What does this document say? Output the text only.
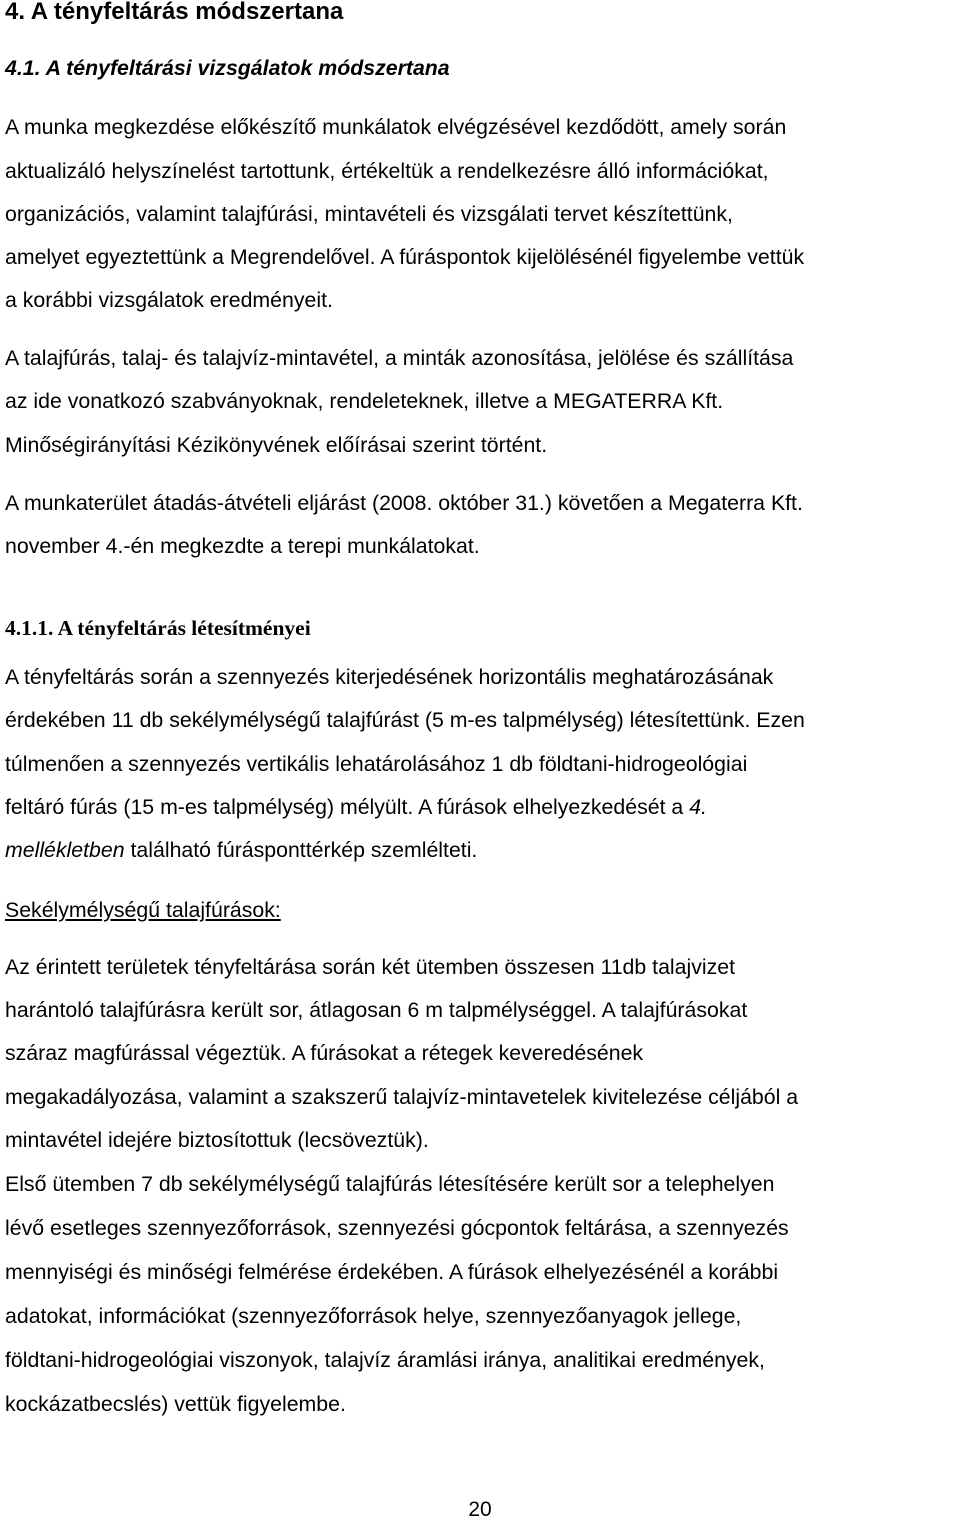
4. A tényfeltárás módszertana
4.1. A tényfeltárási vizsgálatok módszertana
A munka megkezdése előkészítő munkálatok elvégzésével kezdődött, amely során
aktualizáló helyszínelést tartottunk, értékeltük a rendelkezésre álló információkat,
organizációs, valamint talajfúrási, mintavételi és vizsgálati tervet készítettünk,
amelyet egyeztettünk a Megrendelővel. A fúráspontok kijelölésénél figyelembe vettük
a korábbi vizsgálatok eredményeit.
A talajfúrás, talaj- és talajvíz-mintavétel, a minták azonosítása, jelölése és szállítása
az ide vonatkozó szabványoknak, rendeleteknek, illetve a MEGATERRA Kft.
Minőségirányítási Kézikönyvének előírásai szerint történt.
A munkaterület átadás-átvételi eljárást (2008. október 31.) követően a Megaterra Kft.
november 4.-én megkezdte a terepi munkálatokat.
4.1.1. A tényfeltárás létesítményei
A tényfeltárás során a szennyezés kiterjedésének horizontális meghatározásának
érdekében 11 db sekélymélységű talajfúrást (5 m-es talpmélység) létesítettünk. Ezen
túlmenően a szennyezés vertikális lehatárolásához 1 db földtani-hidrogeológiai
feltáró fúrás (15 m-es talpmélység) mélyült. A fúrások elhelyezkedését a 4.
mellékletben található fúrásponttérkép szemlélteti.
Sekélymélységű talajfúrások:
Az érintett területek tényfeltárása során két ütemben összesen 11db talajvizet
harántoló talajfúrásra került sor, átlagosan 6 m talpmélységgel. A talajfúrásokat
száraz magfúrással végeztük. A fúrásokat a rétegek keveredésének
megakadályozása, valamint a szakszerű talajvíz-mintavetelek kivitelezése céljából a
mintavétel idejére biztosítottuk (lecsöveztük).
Első ütemben 7 db sekélymélységű talajfúrás létesítésére került sor a telephelyen
lévő esetleges szennyezőforrások, szennyezési gócpontok feltárása, a szennyezés
mennyiségi és minőségi felmérése érdekében. A fúrások elhelyezésénél a korábbi
adatokat, információkat (szennyezőforrások helye, szennyezőanyagok jellege,
földtani-hidrogeológiai viszonyok, talajvíz áramlási iránya, analitikai eredmények,
kockázatbecslés) vettük figyelembe.
20
